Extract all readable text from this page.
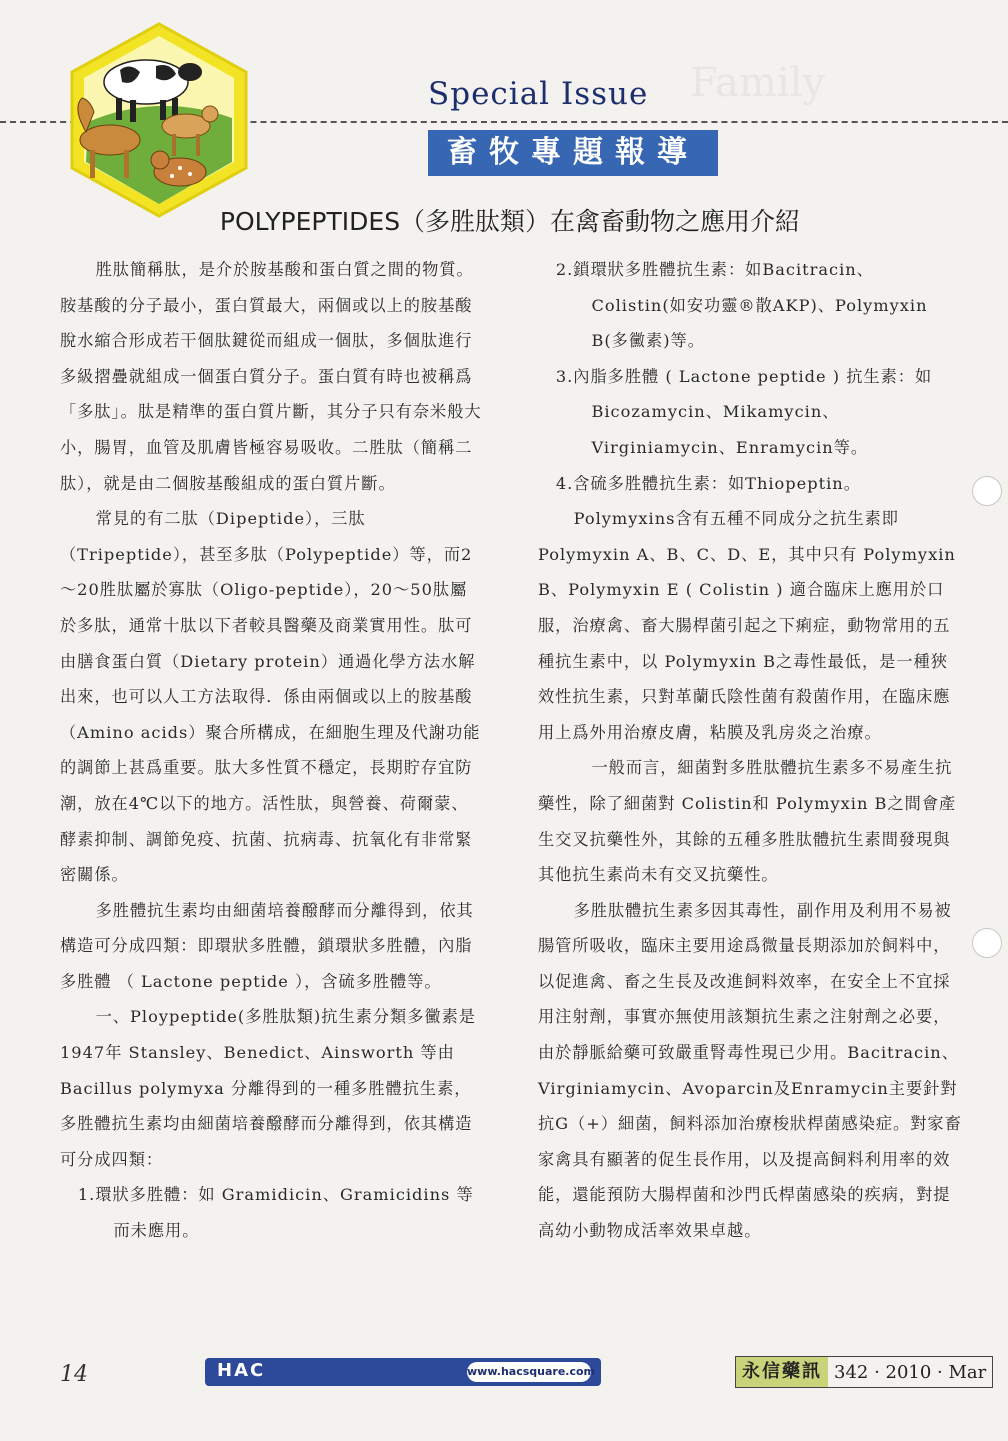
Family
Special Issue
畜牧專題報導
POLYPEPTIDES（多胜肽類）在禽畜動物之應用介紹

胜肽簡稱肽，是介於胺基酸和蛋白質之間的物質。胺基酸的分子最小，蛋白質最大，兩個或以上的胺基酸脫水縮合形成若干個肽鍵從而組成一個肽，多個肽進行多級摺疊就組成一個蛋白質分子。蛋白質有時也被稱爲「多肽」。肽是精準的蛋白質片斷，其分子只有奈米般大小，腸胃，血管及肌膚皆極容易吸收。二胜肽（簡稱二肽），就是由二個胺基酸組成的蛋白質片斷。

常見的有二肽（Dipeptide），三肽（Tripeptide），甚至多肽（Polypeptide）等，而2～20胜肽屬於寡肽（Oligo-peptide），20～50肽屬於多肽，通常十肽以下者較具醫藥及商業實用性。肽可由膳食蛋白質（Dietary protein）通過化學方法水解出來，也可以人工方法取得．係由兩個或以上的胺基酸（Amino acids）聚合所構成，在細胞生理及代謝功能的調節上甚爲重要。肽大多性質不穩定，長期貯存宜防潮，放在4℃以下的地方。活性肽，與營養、荷爾蒙、酵素抑制、調節免疫、抗菌、抗病毒、抗氧化有非常緊密關係。

多胜體抗生素均由細菌培養醱酵而分離得到，依其構造可分成四類：即環狀多胜體，鎖環狀多胜體，內脂多胜體 （ Lactone peptide ），含硫多胜體等。

一、Ploypeptide(多胜肽類)抗生素分類多黴素是 1947年 Stansley、Benedict、Ainsworth 等由Bacillus polymyxa 分離得到的一種多胜體抗生素，多胜體抗生素均由細菌培養醱酵而分離得到，依其構造可分成四類：

1.環狀多胜體：如 Gramidicin、Gramicidins 等而未應用。

2.鎖環狀多胜體抗生素：如Bacitracin、Colistin(如安功靈®散AKP)、Polymyxin B(多黴素)等。

3.內脂多胜體 ( Lactone peptide ) 抗生素：如Bicozamycin、Mikamycin、Virginiamycin、Enramycin等。

4.含硫多胜體抗生素：如Thiopeptin。

Polymyxins含有五種不同成分之抗生素即Polymyxin A、B、C、D、E，其中只有 Polymyxin B、Polymyxin E ( Colistin ) 適合臨床上應用於口服，治療禽、畜大腸桿菌引起之下痢症，動物常用的五種抗生素中，以 Polymyxin B之毒性最低，是一種狹效性抗生素，只對革蘭氏陰性菌有殺菌作用，在臨床應用上爲外用治療皮膚，粘膜及乳房炎之治療。

一般而言，細菌對多胜肽體抗生素多不易產生抗藥性，除了細菌對 Colistin和 Polymyxin B之間會產生交叉抗藥性外，其餘的五種多胜肽體抗生素間發現與其他抗生素尚未有交叉抗藥性。

多胜肽體抗生素多因其毒性，副作用及利用不易被腸管所吸收，臨床主要用途爲微量長期添加於飼料中，以促進禽、畜之生長及改進飼料效率，在安全上不宜採用注射劑，事實亦無使用該類抗生素之注射劑之必要，由於靜脈給藥可致嚴重腎毒性現已少用。Bacitracin、Virginiamycin、Avoparcin及Enramycin主要針對抗G（+）細菌，飼料添加治療梭狀桿菌感染症。對家畜家禽具有顯著的促生長作用，以及提高飼料利用率的效能，還能預防大腸桿菌和沙門氏桿菌感染的疾病，對提高幼小動物成活率效果卓越。

14	HAC	www.hacsquare.com	永信藥訊 342 · 2010 · Mar
